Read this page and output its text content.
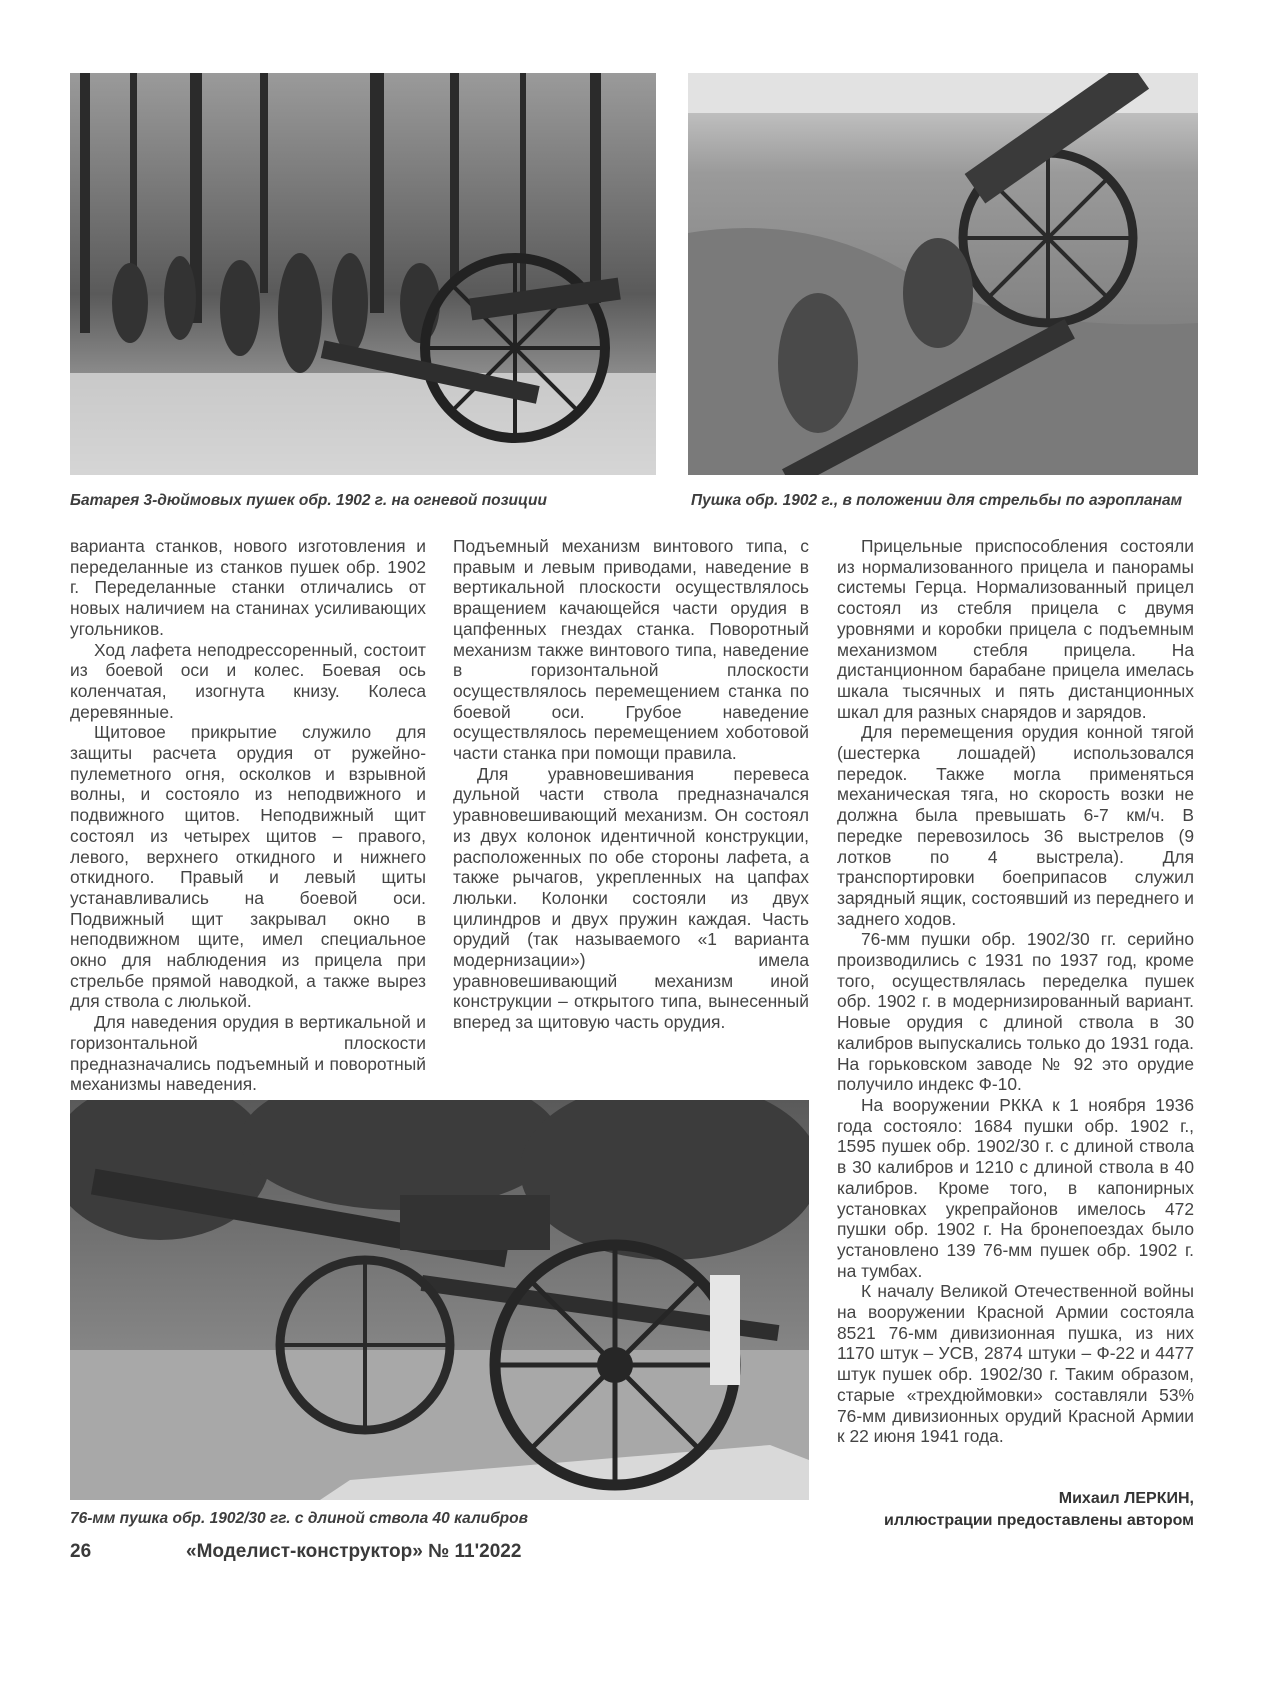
Батарея 3-дюймовых пушек обр. 1902 г. на огневой позиции	Пушка обр. 1902 г., в положении для стрельбы по аэропланам

варианта станков, нового изготовления и переделанные из станков пушек обр. 1902 г. Переделанные станки отличались от новых наличием на станинах усиливающих угольников.

Ход лафета неподрессоренный, состоит из боевой оси и колес. Боевая ось коленчатая, изогнута книзу. Колеса деревянные.

Щитовое прикрытие служило для защиты расчета орудия от ружейно-пулеметного огня, осколков и взрывной волны, и состояло из неподвижного и подвижного щитов. Неподвижный щит состоял из четырех щитов – правого, левого, верхнего откидного и нижнего откидного. Правый и левый щиты устанавливались на боевой оси. Подвижный щит закрывал окно в неподвижном щите, имел специальное окно для наблюдения из прицела при стрельбе прямой наводкой, а также вырез для ствола с люлькой.

Для наведения орудия в вертикальной и горизонтальной плоскости предназначались подъемный и поворотный механизмы наведения.

Подъемный механизм винтового типа, с правым и левым приводами, наведение в вертикальной плоскости осуществлялось вращением качающейся части орудия в цапфенных гнездах станка. Поворотный механизм также винтового типа, наведение в горизонтальной плоскости осуществлялось перемещением станка по боевой оси. Грубое наведение осуществлялось перемещением хоботовой части станка при помощи правила.

Для уравновешивания перевеса дульной части ствола предназначался уравновешивающий механизм. Он состоял из двух колонок идентичной конструкции, расположенных по обе стороны лафета, а также рычагов, укрепленных на цапфах люльки. Колонки состояли из двух цилиндров и двух пружин каждая. Часть орудий (так называемого «1 варианта модернизации») имела уравновешивающий механизм иной конструкции – открытого типа, вынесенный вперед за щитовую часть орудия.

Прицельные приспособления состояли из нормализованного прицела и панорамы системы Герца. Нормализованный прицел состоял из стебля прицела с двумя уровнями и коробки прицела с подъемным механизмом стебля прицела. На дистанционном барабане прицела имелась шкала тысячных и пять дистанционных шкал для разных снарядов и зарядов.

Для перемещения орудия конной тягой (шестерка лошадей) использовался передок. Также могла применяться механическая тяга, но скорость возки не должна была превышать 6-7 км/ч. В передке перевозилось 36 выстрелов (9 лотков по 4 выстрела). Для транспортировки боеприпасов служил зарядный ящик, состоявший из переднего и заднего ходов.

76-мм пушки обр. 1902/30 гг. серийно производились с 1931 по 1937 год, кроме того, осуществлялась переделка пушек обр. 1902 г. в модернизированный вариант. Новые орудия с длиной ствола в 30 калибров выпускались только до 1931 года. На горьковском заводе № 92 это орудие получило индекс Ф-10.

На вооружении РККА к 1 ноября 1936 года состояло: 1684 пушки обр. 1902 г., 1595 пушек обр. 1902/30 г. с длиной ствола в 30 калибров и 1210 с длиной ствола в 40 калибров. Кроме того, в капонирных установках укрепрайонов имелось 472 пушки обр. 1902 г. На бронепоездах было установлено 139 76-мм пушек обр. 1902 г. на тумбах.

К началу Великой Отечественной войны на вооружении Красной Армии состояла 8521 76-мм дивизионная пушка, из них 1170 штук – УСВ, 2874 штуки – Ф-22 и 4477 штук пушек обр. 1902/30 г. Таким образом, старые «трехдюймовки» составляли 53% 76-мм дивизионных орудий Красной Армии к 22 июня 1941 года.

76-мм пушка обр. 1902/30 гг. с длиной ствола 40 калибров
Михаил ЛЕРКИН,
иллюстрации предоставлены автором
26	«Моделист-конструктор» № 11'2022
